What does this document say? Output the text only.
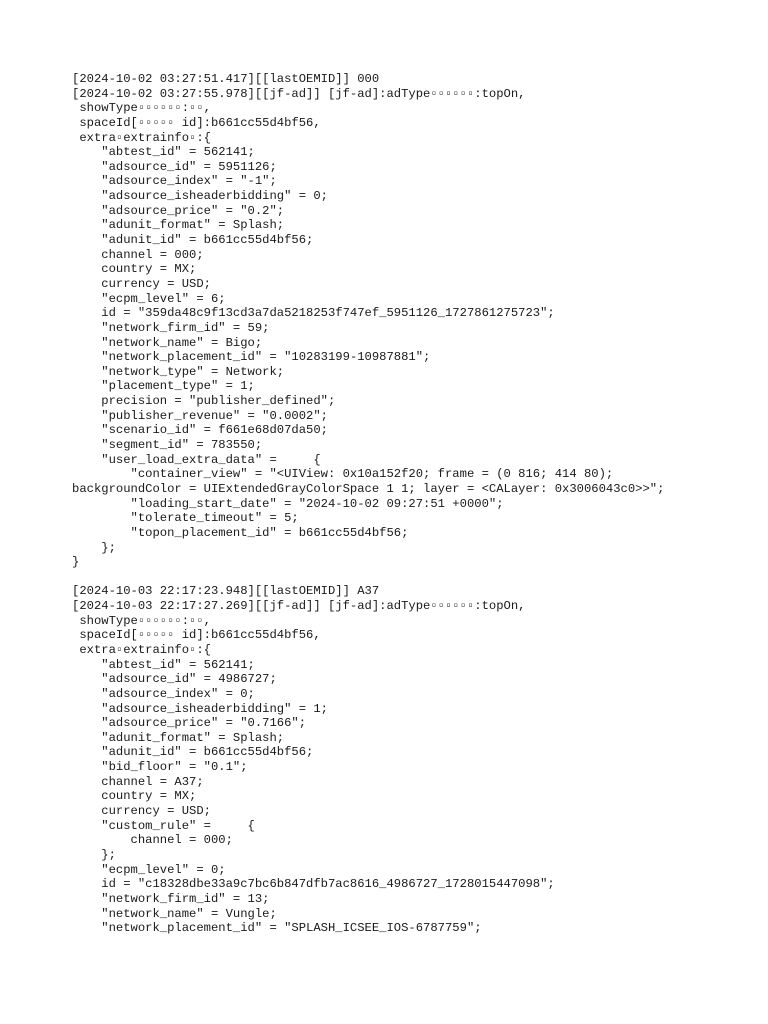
[2024-10-02 03:27:51.417][[lastOEMID]] 000
[2024-10-02 03:27:55.978][[jf-ad]] [jf-ad]:adType▫▫▫▫▫▫:topOn,
showType▫▫▫▫▫▫:▫▫,
spaceId[▫▫▫▫▫ id]:b661cc55d4bf56,
extra▫extrainfo▫:{
"abtest_id" = 562141;
"adsource_id" = 5951126;
"adsource_index" = "-1";
"adsource_isheaderbidding" = 0;
"adsource_price" = "0.2";
"adunit_format" = Splash;
"adunit_id" = b661cc55d4bf56;
channel = 000;
country = MX;
currency = USD;
"ecpm_level" = 6;
id = "359da48c9f13cd3a7da5218253f747ef_5951126_1727861275723";
"network_firm_id" = 59;
"network_name" = Bigo;
"network_placement_id" = "10283199-10987881";
"network_type" = Network;
"placement_type" = 1;
precision = "publisher_defined";
"publisher_revenue" = "0.0002";
"scenario_id" = f661e68d07da50;
"segment_id" = 783550;
"user_load_extra_data" =     {
"container_view" = "<UIView: 0x10a152f20; frame = (0 816; 414 80);
backgroundColor = UIExtendedGrayColorSpace 1 1; layer = <CALayer: 0x3006043c0>>";
"loading_start_date" = "2024-10-02 09:27:51 +0000";
"tolerate_timeout" = 5;
"topon_placement_id" = b661cc55d4bf56;
};
}
[2024-10-03 22:17:23.948][[lastOEMID]] A37
[2024-10-03 22:17:27.269][[jf-ad]] [jf-ad]:adType▫▫▫▫▫▫:topOn,
showType▫▫▫▫▫▫:▫▫,
spaceId[▫▫▫▫▫ id]:b661cc55d4bf56,
extra▫extrainfo▫:{
"abtest_id" = 562141;
"adsource_id" = 4986727;
"adsource_index" = 0;
"adsource_isheaderbidding" = 1;
"adsource_price" = "0.7166";
"adunit_format" = Splash;
"adunit_id" = b661cc55d4bf56;
"bid_floor" = "0.1";
channel = A37;
country = MX;
currency = USD;
"custom_rule" =     {
channel = 000;
};
"ecpm_level" = 0;
id = "c18328dbe33a9c7bc6b847dfb7ac8616_4986727_1728015447098";
"network_firm_id" = 13;
"network_name" = Vungle;
"network_placement_id" = "SPLASH_ICSEE_IOS-6787759";
